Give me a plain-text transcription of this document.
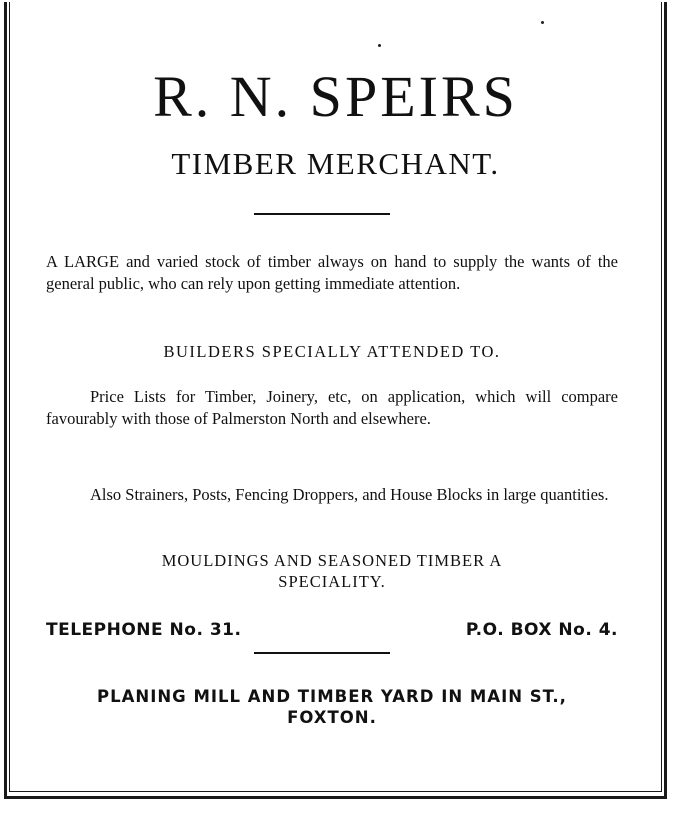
R. N. SPEIRS
TIMBER MERCHANT.

A LARGE and varied stock of timber always on hand to supply the wants of the general public, who can rely upon getting immediate attention.

BUILDERS SPECIALLY ATTENDED TO.

Price Lists for Timber, Joinery, etc, on application, which will compare favourably with those of Palmerston North and elsewhere.

Also Strainers, Posts, Fencing Droppers, and House Blocks in large quantities.

MOULDINGS AND SEASONED TIMBER A SPECIALITY.

TELEPHONE No. 31.	P.O. BOX No. 4.

PLANING MILL AND TIMBER YARD IN MAIN ST.,
FOXTON.
